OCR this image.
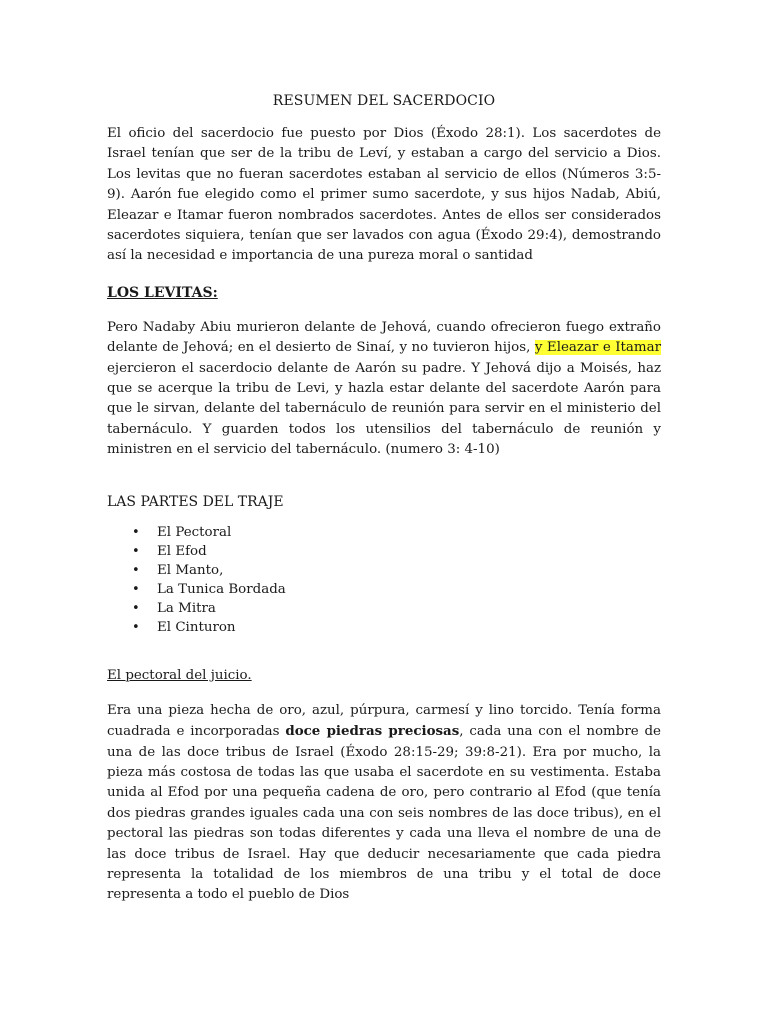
RESUMEN DEL SACERDOCIO

El oficio del sacerdocio fue puesto por Dios (Éxodo 28:1). Los sacerdotes de Israel tenían que ser de la tribu de Leví, y estaban a cargo del servicio a Dios. Los levitas que no fueran sacerdotes estaban al servicio de ellos (Números 3:5-9). Aarón fue elegido como el primer sumo sacerdote, y sus hijos Nadab, Abiú, Eleazar e Itamar fueron nombrados sacerdotes. Antes de ellos ser considerados sacerdotes siquiera, tenían que ser lavados con agua (Éxodo 29:4), demostrando así la necesidad e importancia de una pureza moral o santidad

LOS LEVITAS:

Pero Nadaby Abiu murieron delante de Jehová, cuando ofrecieron fuego extraño delante de Jehová; en el desierto de Sinaí, y no tuvieron hijos, y Eleazar e Itamar ejercieron el sacerdocio delante de Aarón su padre. Y Jehová dijo a Moisés, haz que se acerque la tribu de Levi, y hazla estar delante del sacerdote Aarón para que le sirvan, delante del tabernáculo de reunión para servir en el ministerio del tabernáculo. Y guarden todos los utensilios del tabernáculo de reunión y ministren en el servicio del tabernáculo. (numero 3: 4-10)

LAS PARTES DEL TRAJE
• El Pectoral
• El Efod
• El Manto,
• La Tunica Bordada
• La Mitra
• El Cinturon
El pectoral del juicio.

Era una pieza hecha de oro, azul, púrpura, carmesí y lino torcido. Tenía forma cuadrada e incorporadas doce piedras preciosas, cada una con el nombre de una de las doce tribus de Israel (Éxodo 28:15-29; 39:8-21). Era por mucho, la pieza más costosa de todas las que usaba el sacerdote en su vestimenta. Estaba unida al Efod por una pequeña cadena de oro, pero contrario al Efod (que tenía dos piedras grandes iguales cada una con seis nombres de las doce tribus), en el pectoral las piedras son todas diferentes y cada una lleva el nombre de una de las doce tribus de Israel. Hay que deducir necesariamente que cada piedra representa la totalidad de los miembros de una tribu y el total de doce representa a todo el pueblo de Dios
